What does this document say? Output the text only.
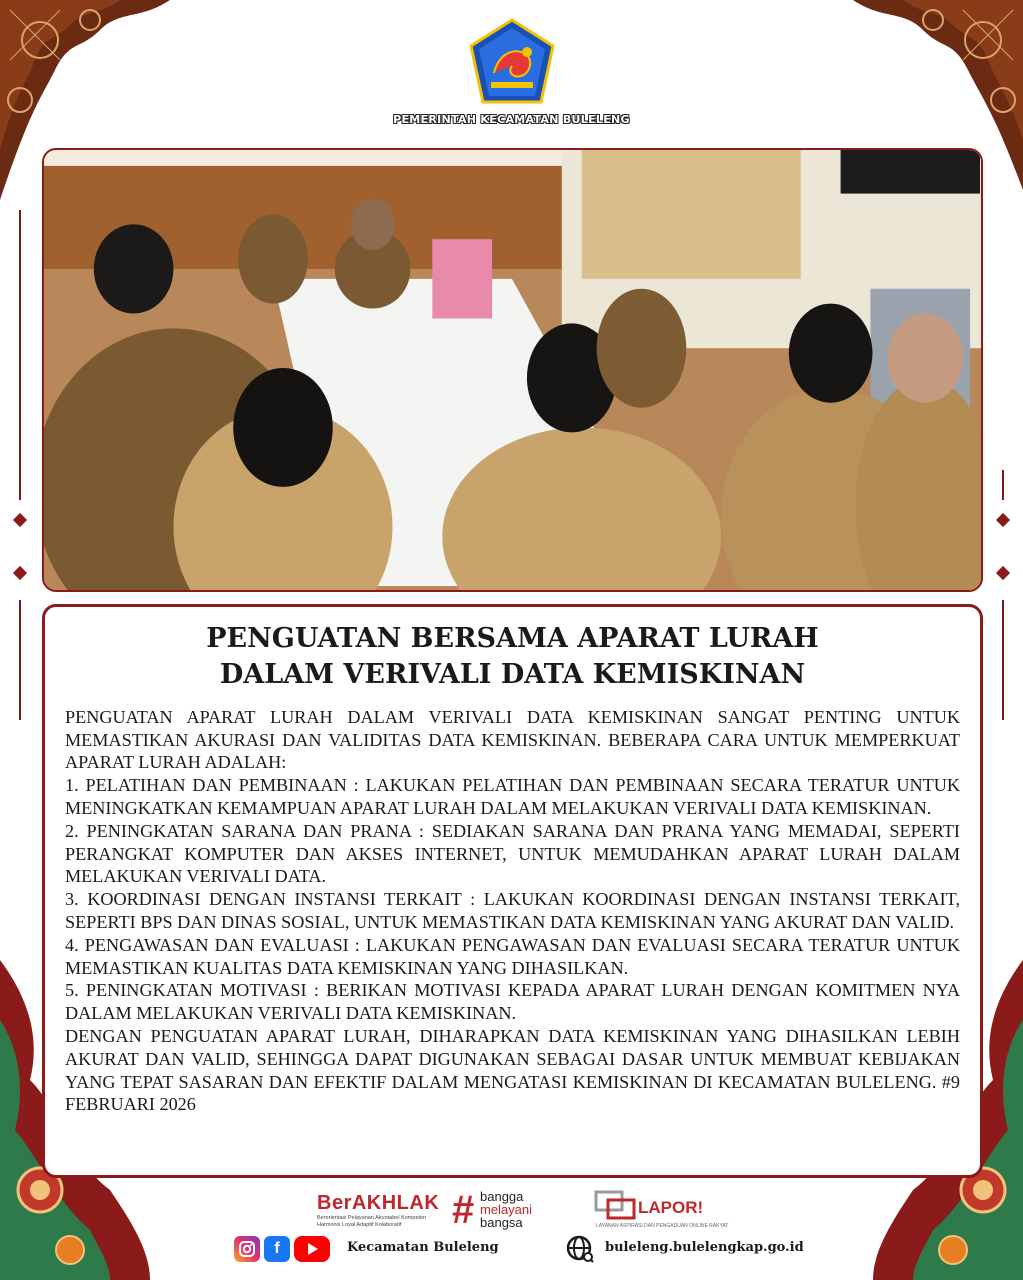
PEMERINTAH KECAMATAN BULELENG
PENGUATAN BERSAMA APARAT LURAH
DALAM VERIVALI DATA KEMISKINAN

PENGUATAN APARAT LURAH DALAM VERIVALI DATA KEMISKINAN SANGAT PENTING UNTUK MEMASTIKAN AKURASI DAN VALIDITAS DATA KEMISKINAN. BEBERAPA CARA UNTUK MEMPERKUAT APARAT LURAH ADALAH:

1. PELATIHAN DAN PEMBINAAN : LAKUKAN PELATIHAN DAN PEMBINAAN SECARA TERATUR UNTUK MENINGKATKAN KEMAMPUAN APARAT LURAH DALAM MELAKUKAN VERIVALI DATA KEMISKINAN.

2. PENINGKATAN SARANA DAN PRANA : SEDIAKAN SARANA DAN PRANA YANG MEMADAI, SEPERTI PERANGKAT KOMPUTER DAN AKSES INTERNET, UNTUK MEMUDAHKAN APARAT LURAH DALAM MELAKUKAN VERIVALI DATA.

3. KOORDINASI DENGAN INSTANSI TERKAIT : LAKUKAN KOORDINASI DENGAN INSTANSI TERKAIT, SEPERTI BPS DAN DINAS SOSIAL, UNTUK MEMASTIKAN DATA KEMISKINAN YANG AKURAT DAN VALID.

4. PENGAWASAN DAN EVALUASI : LAKUKAN PENGAWASAN DAN EVALUASI SECARA TERATUR UNTUK MEMASTIKAN KUALITAS DATA KEMISKINAN YANG DIHASILKAN.

5. PENINGKATAN MOTIVASI : BERIKAN MOTIVASI KEPADA APARAT LURAH DENGAN KOMITMEN NYA DALAM MELAKUKAN VERIVALI DATA KEMISKINAN.

DENGAN PENGUATAN APARAT LURAH, DIHARAPKAN DATA KEMISKINAN YANG DIHASILKAN LEBIH AKURAT DAN VALID, SEHINGGA DAPAT DIGUNAKAN SEBAGAI DASAR UNTUK MEMBUAT KEBIJAKAN YANG TEPAT SASARAN DAN EFEKTIF DALAM MENGATASI KEMISKINAN DI KECAMATAN BULELENG. #9 FEBRUARI 2026

BerAKHLAK
Berorientasi Pelayanan Akuntabel Kompeten Harmonis Loyal Adaptif Kolaboratif	# bangga
melayani
bangsa
LAPOR!
LAYANAN ASPIRASI DAN PENGADUAN ONLINE RAKYAT
f	Kecamatan Buleleng	buleleng.bulelengkap.go.id
